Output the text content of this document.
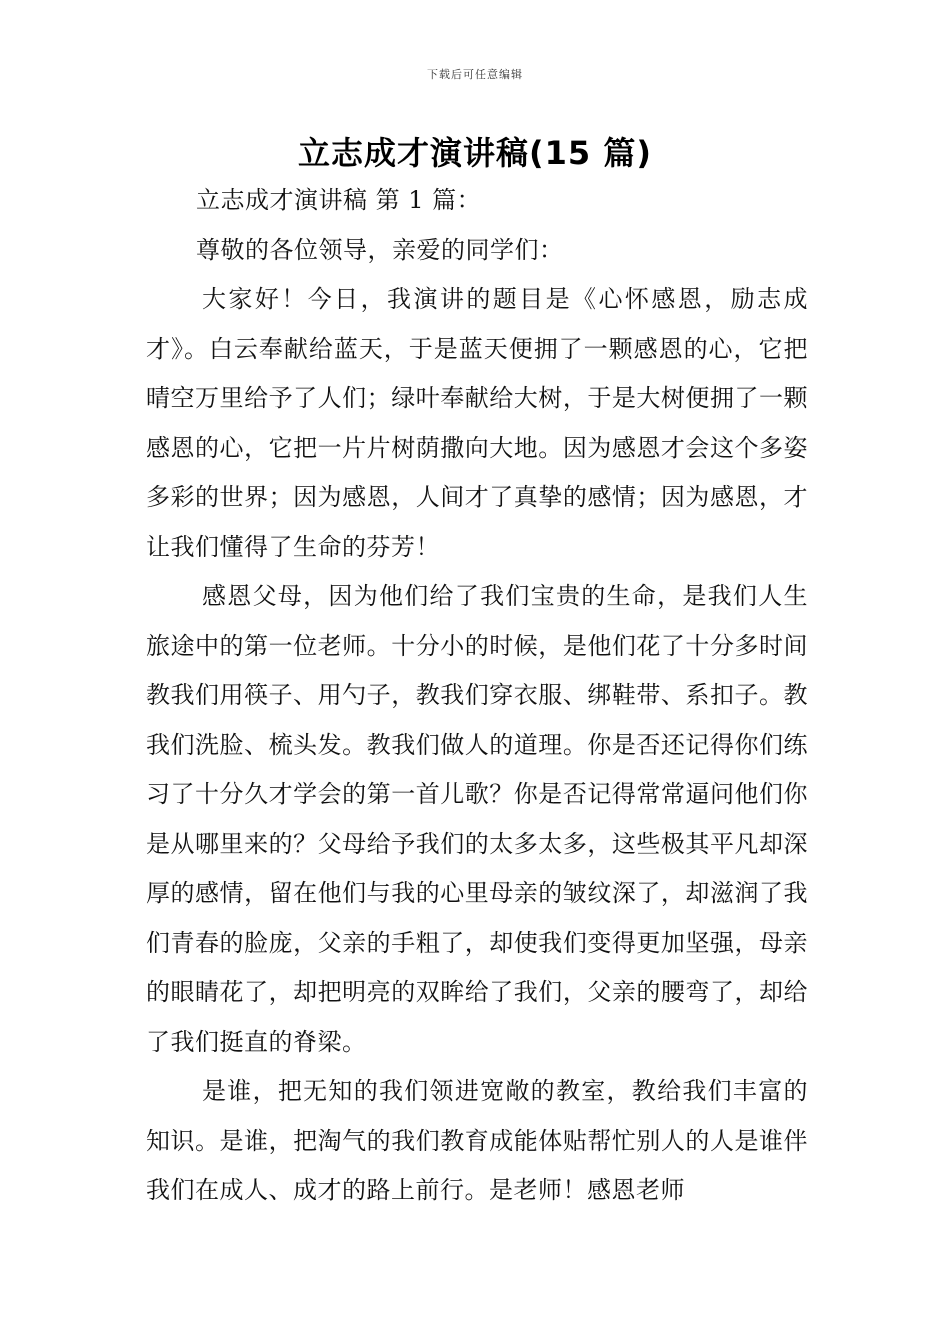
下载后可任意编辑
立志成才演讲稿(15 篇)

立志成才演讲稿 第 1 篇：

尊敬的各位领导，亲爱的同学们：

大家好！今日，我演讲的题目是《心怀感恩，励志成才》。白云奉献给蓝天，于是蓝天便拥了一颗感恩的心，它把晴空万里给予了人们；绿叶奉献给大树，于是大树便拥了一颗感恩的心，它把一片片树荫撒向大地。因为感恩才会这个多姿多彩的世界；因为感恩，人间才了真挚的感情；因为感恩，才让我们懂得了生命的芬芳！

感恩父母，因为他们给了我们宝贵的生命，是我们人生旅途中的第一位老师。十分小的时候，是他们花了十分多时间教我们用筷子、用勺子，教我们穿衣服、绑鞋带、系扣子。教我们洗脸、梳头发。教我们做人的道理。你是否还记得你们练习了十分久才学会的第一首儿歌？你是否记得常常逼问他们你是从哪里来的？父母给予我们的太多太多，这些极其平凡却深厚的感情，留在他们与我的心里母亲的皱纹深了，却滋润了我们青春的脸庞，父亲的手粗了，却使我们变得更加坚强，母亲的眼睛花了，却把明亮的双眸给了我们，父亲的腰弯了，却给了我们挺直的脊梁。

是谁，把无知的我们领进宽敞的教室，教给我们丰富的知识。是谁，把淘气的我们教育成能体贴帮忙别人的人是谁伴我们在成人、成才的路上前行。是老师！感恩老师
